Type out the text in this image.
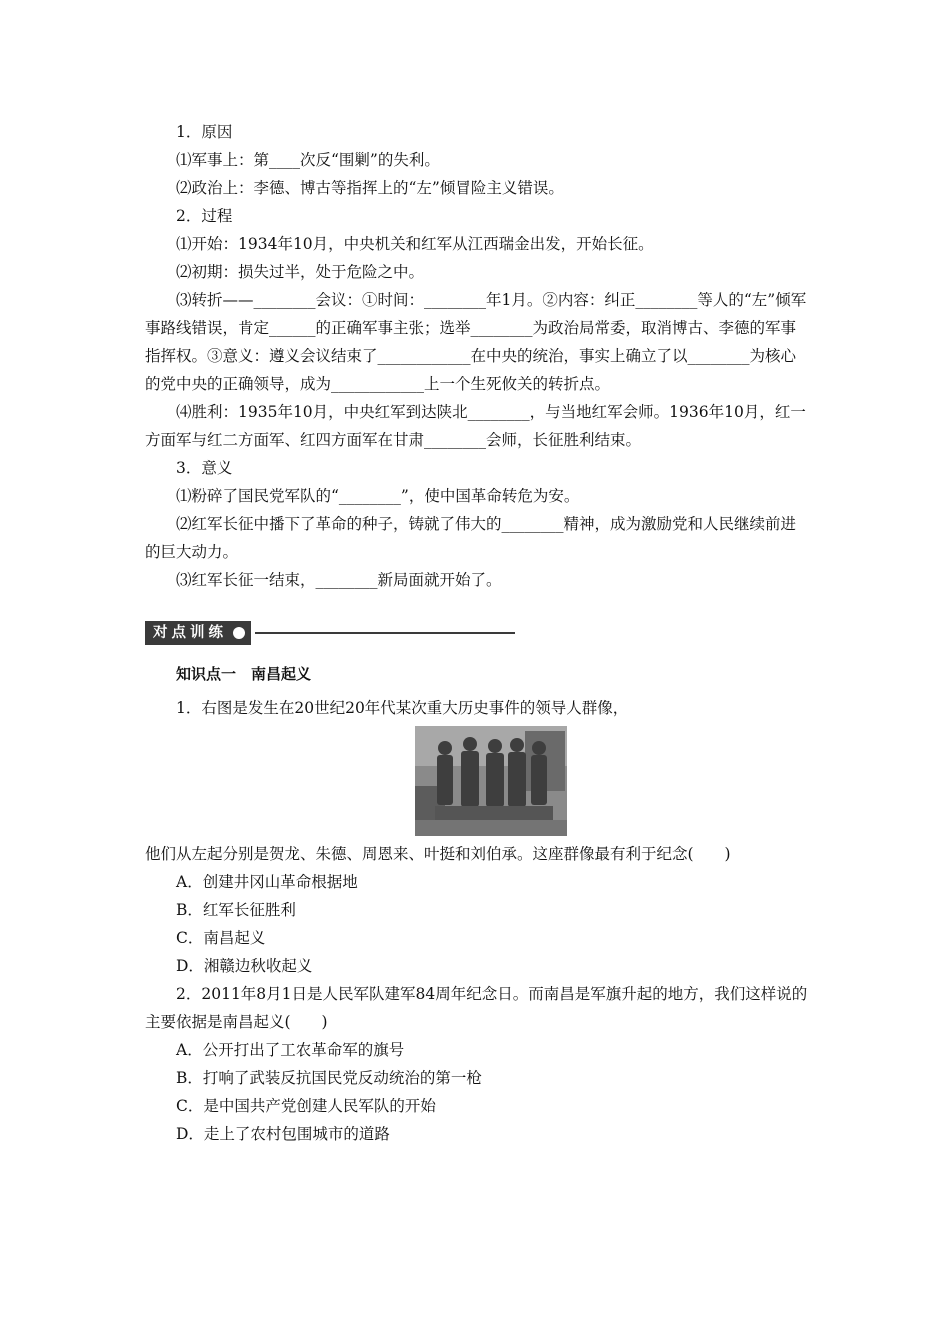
1．原因

⑴军事上：第____次反“围剿”的失利。

⑵政治上：李德、博古等指挥上的“左”倾冒险主义错误。

2．过程

⑴开始：1934年10月，中央机关和红军从江西瑞金出发，开始长征。

⑵初期：损失过半，处于危险之中。

⑶转折——________会议：①时间：________年1月。②内容：纠正________等人的“左”倾军事路线错误，肯定______的正确军事主张；选举________为政治局常委，取消博古、李德的军事指挥权。③意义：遵义会议结束了____________在中央的统治，事实上确立了以________为核心的党中央的正确领导，成为____________上一个生死攸关的转折点。

⑷胜利：1935年10月，中央红军到达陕北________，与当地红军会师。1936年10月，红一方面军与红二方面军、红四方面军在甘肃________会师，长征胜利结束。

3．意义

⑴粉碎了国民党军队的“________”，使中国革命转危为安。

⑵红军长征中播下了革命的种子，铸就了伟大的________精神，成为激励党和人民继续前进的巨大动力。

⑶红军长征一结束，________新局面就开始了。

对点训练

知识点一　南昌起义

1．右图是发生在20世纪20年代某次重大历史事件的领导人群像，

他们从左起分别是贺龙、朱德、周恩来、叶挺和刘伯承。这座群像最有利于纪念(　　)

A．创建井冈山革命根据地

B．红军长征胜利

C．南昌起义

D．湘赣边秋收起义

2．2011年8月1日是人民军队建军84周年纪念日。而南昌是军旗升起的地方，我们这样说的主要依据是南昌起义(　　)

A．公开打出了工农革命军的旗号

B．打响了武装反抗国民党反动统治的第一枪

C．是中国共产党创建人民军队的开始

D．走上了农村包围城市的道路
